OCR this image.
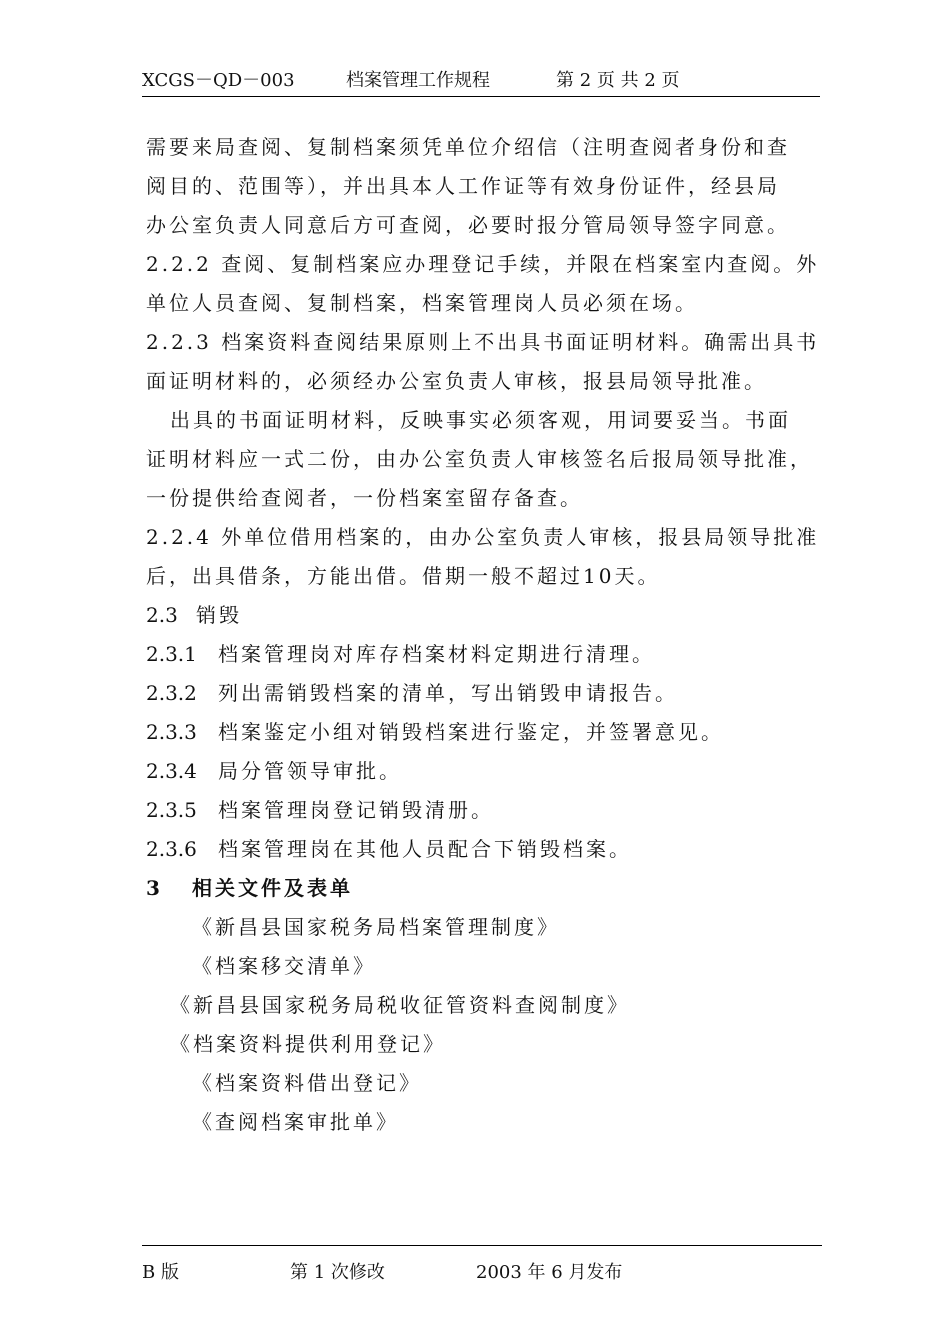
XCGS－QD－003	档案管理工作规程	第 2 页 共 2 页
需要来局查阅、复制档案须凭单位介绍信（注明查阅者身份和查
阅目的、范围等），并出具本人工作证等有效身份证件，经县局
办公室负责人同意后方可查阅，必要时报分管局领导签字同意。
2.2.2 查阅、复制档案应办理登记手续，并限在档案室内查阅。外
单位人员查阅、复制档案，档案管理岗人员必须在场。
2.2.3 档案资料查阅结果原则上不出具书面证明材料。确需出具书
面证明材料的，必须经办公室负责人审核，报县局领导批准。
出具的书面证明材料，反映事实必须客观，用词要妥当。书面
证明材料应一式二份，由办公室负责人审核签名后报局领导批准，
一份提供给查阅者，一份档案室留存备查。
2.2.4 外单位借用档案的，由办公室负责人审核，报县局领导批准
后，出具借条，方能出借。借期一般不超过10天。
2.3 销毁
2.3.1 档案管理岗对库存档案材料定期进行清理。
2.3.2 列出需销毁档案的清单，写出销毁申请报告。
2.3.3 档案鉴定小组对销毁档案进行鉴定，并签署意见。
2.3.4 局分管领导审批。
2.3.5 档案管理岗登记销毁清册。
2.3.6 档案管理岗在其他人员配合下销毁档案。
3 相关文件及表单
《新昌县国家税务局档案管理制度》
《档案移交清单》
《新昌县国家税务局税收征管资料查阅制度》
《档案资料提供利用登记》
《档案资料借出登记》
《查阅档案审批单》
B 版	第 1 次修改	2003 年 6 月发布
